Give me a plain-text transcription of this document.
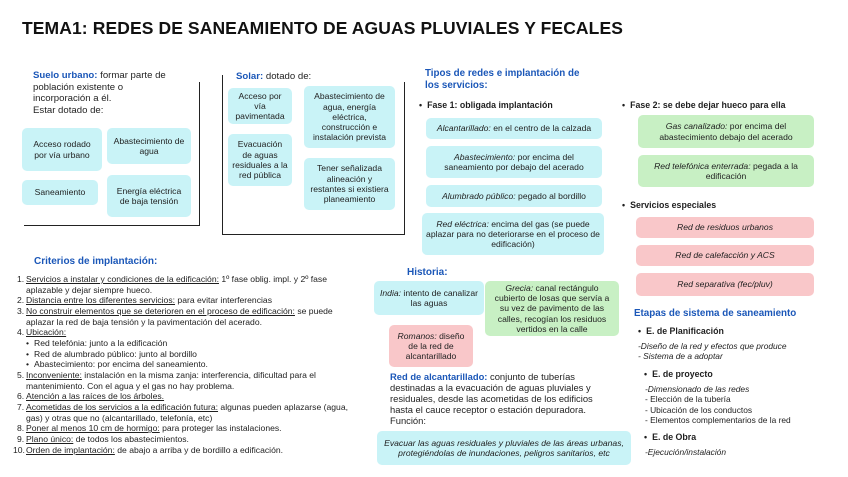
TEMA1: REDES DE SANEAMIENTO DE AGUAS PLUVIALES Y FECALES
Suelo urbano: formar parte de
población existente o
incorporación a él.
Estar dotado de:
Acceso rodado por vía urbano
Abastecimiento de agua
Saneamiento	Energía eléctrica de baja tensión
Solar: dotado de:
Acceso por vía pavimentada
Evacuación de aguas residuales a la red pública
Abastecimiento de agua, energía eléctrica, construcción e instalación prevista
Tener señalizada alineación y restantes si existiera planeamiento
Tipos de redes e implantación de
los servicios:
• Fase 1: obligada implantación
Alcantarillado: en el centro de la calzada
Abastecimiento: por encima del saneamiento por debajo del acerado
Alumbrado público: pegado al bordillo
Red eléctrica: encima del gas (se puede aplazar para no deteriorarse en el proceso de edificación)
• Fase 2: se debe dejar hueco para ella
Gas canalizado: por encima del abastecimiento debajo del acerado
Red telefónica enterrada: pegada a la edificación
• Servicios especiales
Red de residuos urbanos
Red de calefacción y ACS
Red separativa (fec/pluv)
Criterios de implantación:
1. Servicios a instalar y condiciones de la edificación: 1º fase oblig. impl. y 2º fase aplazable y dejar siempre hueco.
2. Distancia entre los diferentes servicios: para evitar interferencias
3. No construir elementos que se deterioren en el proceso de edificación: se puede aplazar la red de baja tensión y la pavimentación del acerado.
4. Ubicación:
• Red telefónia: junto a la edificación
• Red de alumbrado público: junto al bordillo
• Abastecimiento: por encima del saneamiento.
5. Inconveniente: instalación en la misma zanja: interferencia, dificultad para el mantenimiento. Con el agua y el gas no hay problema.
6. Atención a las raíces de los árboles.
7. Acometidas de los servicios a la edificación futura: algunas pueden aplazarse (agua, gas) y otras que no (alcantarillado, telefonía, etc)
8. Poner al menos 10 cm de hormigo: para proteger las instalaciones.
9. Plano único: de todos los abastecimientos.
10. Orden de implantación: de abajo a arriba y de bordillo a edificación.
Historia:
India: intento de canalizar las aguas
Grecia: canal rectángulo cubierto de losas que servía a su vez de pavimento de las calles, recogían los residuos vertidos en la calle
Romanos: diseño de la red de alcantarillado
Red de alcantarillado: conjunto de tuberías
destinadas a la evacuación de aguas pluviales y
residuales, desde las acometidas de los edificios
hasta el cauce receptor o estación depuradora.
Función:
Evacuar las aguas residuales y pluviales de las áreas urbanas, protegiéndolas de inundaciones, peligros sanitarios, etc
Etapas de sistema de saneamiento
• E. de Planificación
-Diseño de la red y efectos que produce
- Sistema de a adoptar
• E. de proyecto
-Dimensionado de las redes
- Elección de la tubería
- Ubicación de los conductos
- Elementos complementarios de la red
• E. de Obra
-Ejecución/instalación
